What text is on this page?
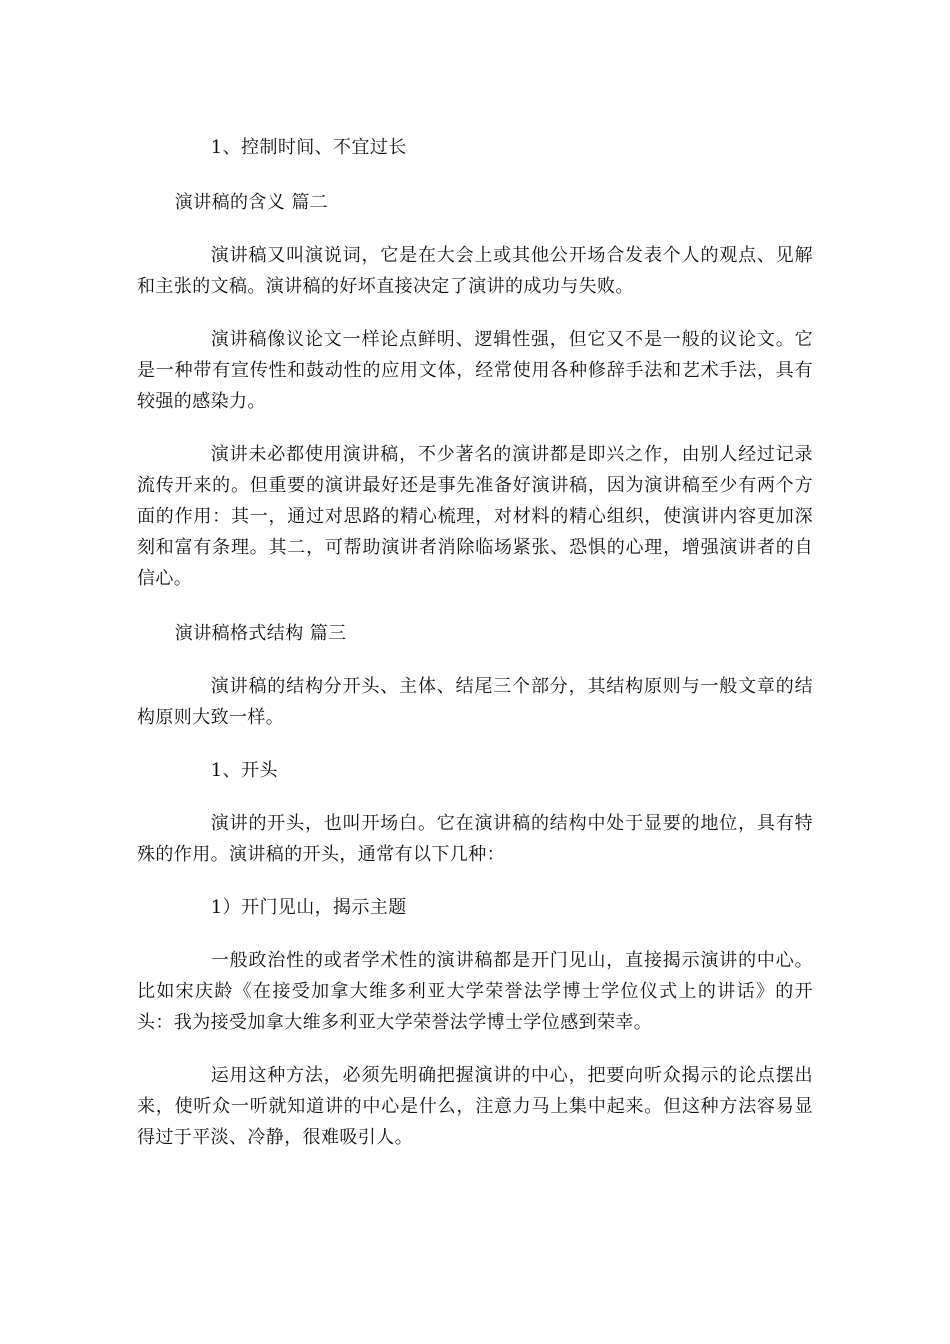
1、控制时间、不宜过长

演讲稿的含义 篇二

演讲稿又叫演说词，它是在大会上或其他公开场合发表个人的观点、见解和主张的文稿。演讲稿的好坏直接决定了演讲的成功与失败。

演讲稿像议论文一样论点鲜明、逻辑性强，但它又不是一般的议论文。它是一种带有宣传性和鼓动性的应用文体，经常使用各种修辞手法和艺术手法，具有较强的感染力。

演讲未必都使用演讲稿，不少著名的演讲都是即兴之作，由别人经过记录流传开来的。但重要的演讲最好还是事先准备好演讲稿，因为演讲稿至少有两个方面的作用：其一，通过对思路的精心梳理，对材料的精心组织，使演讲内容更加深刻和富有条理。其二，可帮助演讲者消除临场紧张、恐惧的心理，增强演讲者的自信心。

演讲稿格式结构 篇三

演讲稿的结构分开头、主体、结尾三个部分，其结构原则与一般文章的结构原则大致一样。

1、开头

演讲的开头，也叫开场白。它在演讲稿的结构中处于显要的地位，具有特殊的作用。演讲稿的开头，通常有以下几种：

1）开门见山，揭示主题

一般政治性的或者学术性的演讲稿都是开门见山，直接揭示演讲的中心。比如宋庆龄《在接受加拿大维多利亚大学荣誉法学博士学位仪式上的讲话》的开头：我为接受加拿大维多利亚大学荣誉法学博士学位感到荣幸。

运用这种方法，必须先明确把握演讲的中心，把要向听众揭示的论点摆出来，使听众一听就知道讲的中心是什么，注意力马上集中起来。但这种方法容易显得过于平淡、冷静，很难吸引人。
